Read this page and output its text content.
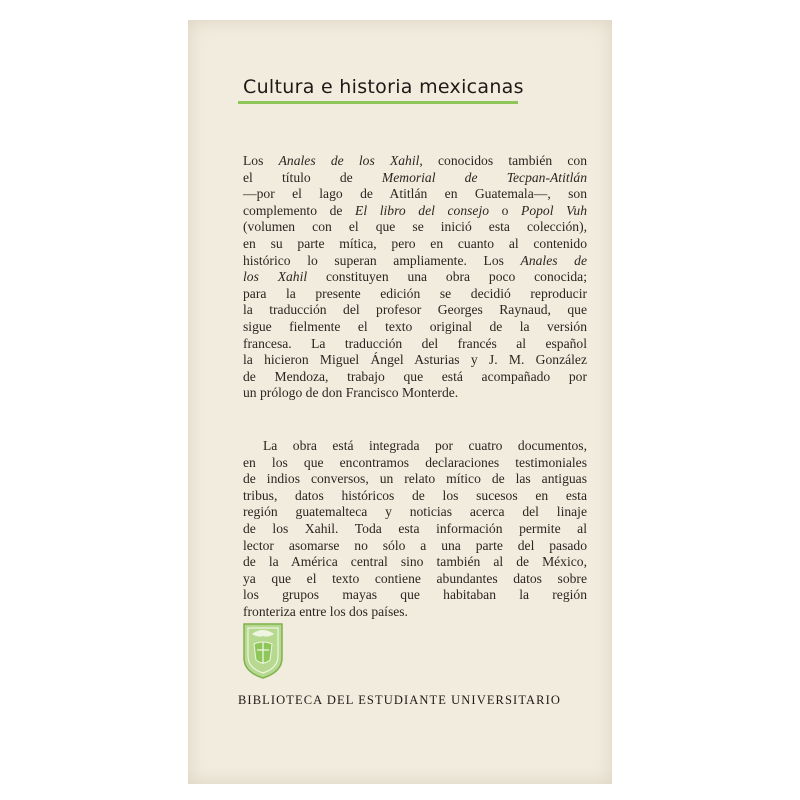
Cultura e historia mexicanas
Los Anales de los Xahil, conocidos también con
el título de Memorial de Tecpan-Atitlán
—por el lago de Atitlán en Guatemala—, son
complemento de El libro del consejo o Popol Vuh
(volumen con el que se inició esta colección),
en su parte mítica, pero en cuanto al contenido
histórico lo superan ampliamente. Los Anales de
los Xahil constituyen una obra poco conocida;
para la presente edición se decidió reproducir
la traducción del profesor Georges Raynaud, que
sigue fielmente el texto original de la versión
francesa. La traducción del francés al español
la hicieron Miguel Ángel Asturias y J. M. González
de Mendoza, trabajo que está acompañado por
un prólogo de don Francisco Monterde.
La obra está integrada por cuatro documentos,
en los que encontramos declaraciones testimoniales
de indios conversos, un relato mítico de las antiguas
tribus, datos históricos de los sucesos en esta
región guatemalteca y noticias acerca del linaje
de los Xahil. Toda esta información permite al
lector asomarse no sólo a una parte del pasado
de la América central sino también al de México,
ya que el texto contiene abundantes datos sobre
los grupos mayas que habitaban la región
fronteriza entre los dos países.
BIBLIOTECA DEL ESTUDIANTE UNIVERSITARIO
